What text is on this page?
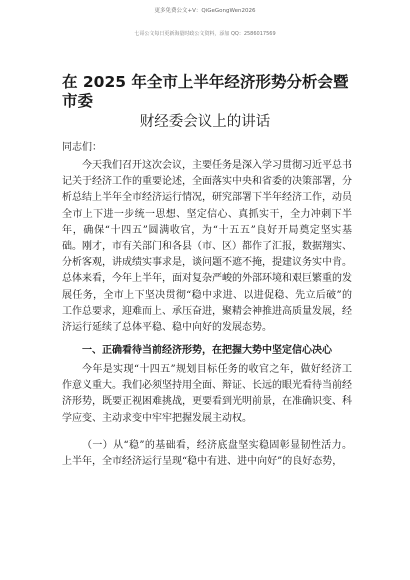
更多免费公文+V：QiGeGongWen2026
七哥公文每日更新海量时政公文资料，添加 QQ：2586017569
在 2025 年全市上半年经济形势分析会暨市委
财经委会议上的讲话
同志们：
今天我们召开这次会议，主要任务是深入学习贯彻习近平总书记关于经济工作的重要论述，全面落实中央和省委的决策部署，分析总结上半年全市经济运行情况，研究部署下半年经济工作，动员全市上下进一步统一思想、坚定信心、真抓实干，全力冲刺下半年，确保“十四五”圆满收官，为“十五五”良好开局奠定坚实基础。刚才，市有关部门和各县（市、区）都作了汇报，数据翔实、分析客观，讲成绩实事求是，谈问题不遮不掩，提建议务实中肯。总体来看，今年上半年，面对复杂严峻的外部环境和艰巨繁重的发展任务，全市上下坚决贯彻“稳中求进、以进促稳、先立后破”的工作总要求，迎难而上、承压奋进，聚精会神推进高质量发展，经济运行延续了总体平稳、稳中向好的发展态势。
一、正确看待当前经济形势，在把握大势中坚定信心决心
今年是实现“十四五”规划目标任务的收官之年，做好经济工作意义重大。我们必须坚持用全面、辩证、长远的眼光看待当前经济形势，既要正视困难挑战，更要看到光明前景，在准确识变、科学应变、主动求变中牢牢把握发展主动权。
（一）从“稳”的基础看，经济底盘坚实稳固彰显韧性活力。上半年，全市经济运行呈现“稳中有进、进中向好”的良好态势，
